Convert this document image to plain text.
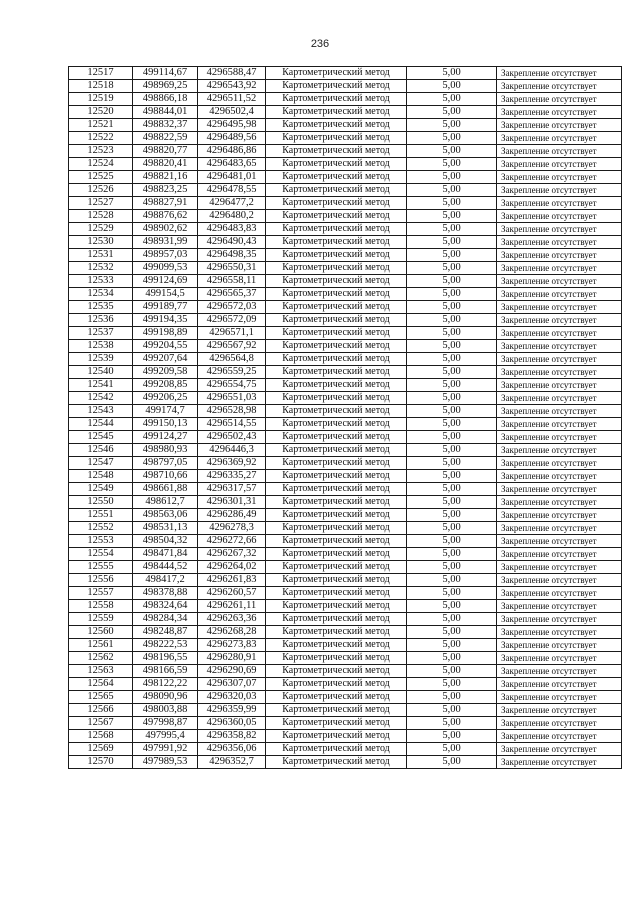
236
12517	499114,67	4296588,47	Картометрический метод	5,00	Закрепление отсутствует
12518	498969,25	4296543,92	Картометрический метод	5,00	Закрепление отсутствует
12519	498866,18	4296511,52	Картометрический метод	5,00	Закрепление отсутствует
12520	498844,01	4296502,4	Картометрический метод	5,00	Закрепление отсутствует
12521	498832,37	4296495,98	Картометрический метод	5,00	Закрепление отсутствует
12522	498822,59	4296489,56	Картометрический метод	5,00	Закрепление отсутствует
12523	498820,77	4296486,86	Картометрический метод	5,00	Закрепление отсутствует
12524	498820,41	4296483,65	Картометрический метод	5,00	Закрепление отсутствует
12525	498821,16	4296481,01	Картометрический метод	5,00	Закрепление отсутствует
12526	498823,25	4296478,55	Картометрический метод	5,00	Закрепление отсутствует
12527	498827,91	4296477,2	Картометрический метод	5,00	Закрепление отсутствует
12528	498876,62	4296480,2	Картометрический метод	5,00	Закрепление отсутствует
12529	498902,62	4296483,83	Картометрический метод	5,00	Закрепление отсутствует
12530	498931,99	4296490,43	Картометрический метод	5,00	Закрепление отсутствует
12531	498957,03	4296498,35	Картометрический метод	5,00	Закрепление отсутствует
12532	499099,53	4296550,31	Картометрический метод	5,00	Закрепление отсутствует
12533	499124,69	4296558,11	Картометрический метод	5,00	Закрепление отсутствует
12534	499154,5	4296565,37	Картометрический метод	5,00	Закрепление отсутствует
12535	499189,77	4296572,03	Картометрический метод	5,00	Закрепление отсутствует
12536	499194,35	4296572,09	Картометрический метод	5,00	Закрепление отсутствует
12537	499198,89	4296571,1	Картометрический метод	5,00	Закрепление отсутствует
12538	499204,55	4296567,92	Картометрический метод	5,00	Закрепление отсутствует
12539	499207,64	4296564,8	Картометрический метод	5,00	Закрепление отсутствует
12540	499209,58	4296559,25	Картометрический метод	5,00	Закрепление отсутствует
12541	499208,85	4296554,75	Картометрический метод	5,00	Закрепление отсутствует
12542	499206,25	4296551,03	Картометрический метод	5,00	Закрепление отсутствует
12543	499174,7	4296528,98	Картометрический метод	5,00	Закрепление отсутствует
12544	499150,13	4296514,55	Картометрический метод	5,00	Закрепление отсутствует
12545	499124,27	4296502,43	Картометрический метод	5,00	Закрепление отсутствует
12546	498980,93	4296446,3	Картометрический метод	5,00	Закрепление отсутствует
12547	498797,05	4296369,92	Картометрический метод	5,00	Закрепление отсутствует
12548	498710,66	4296335,27	Картометрический метод	5,00	Закрепление отсутствует
12549	498661,88	4296317,57	Картометрический метод	5,00	Закрепление отсутствует
12550	498612,7	4296301,31	Картометрический метод	5,00	Закрепление отсутствует
12551	498563,06	4296286,49	Картометрический метод	5,00	Закрепление отсутствует
12552	498531,13	4296278,3	Картометрический метод	5,00	Закрепление отсутствует
12553	498504,32	4296272,66	Картометрический метод	5,00	Закрепление отсутствует
12554	498471,84	4296267,32	Картометрический метод	5,00	Закрепление отсутствует
12555	498444,52	4296264,02	Картометрический метод	5,00	Закрепление отсутствует
12556	498417,2	4296261,83	Картометрический метод	5,00	Закрепление отсутствует
12557	498378,88	4296260,57	Картометрический метод	5,00	Закрепление отсутствует
12558	498324,64	4296261,11	Картометрический метод	5,00	Закрепление отсутствует
12559	498284,34	4296263,36	Картометрический метод	5,00	Закрепление отсутствует
12560	498248,87	4296268,28	Картометрический метод	5,00	Закрепление отсутствует
12561	498222,53	4296273,83	Картометрический метод	5,00	Закрепление отсутствует
12562	498196,55	4296280,91	Картометрический метод	5,00	Закрепление отсутствует
12563	498166,59	4296290,69	Картометрический метод	5,00	Закрепление отсутствует
12564	498122,22	4296307,07	Картометрический метод	5,00	Закрепление отсутствует
12565	498090,96	4296320,03	Картометрический метод	5,00	Закрепление отсутствует
12566	498003,88	4296359,99	Картометрический метод	5,00	Закрепление отсутствует
12567	497998,87	4296360,05	Картометрический метод	5,00	Закрепление отсутствует
12568	497995,4	4296358,82	Картометрический метод	5,00	Закрепление отсутствует
12569	497991,92	4296356,06	Картометрический метод	5,00	Закрепление отсутствует
12570	497989,53	4296352,7	Картометрический метод	5,00	Закрепление отсутствует
